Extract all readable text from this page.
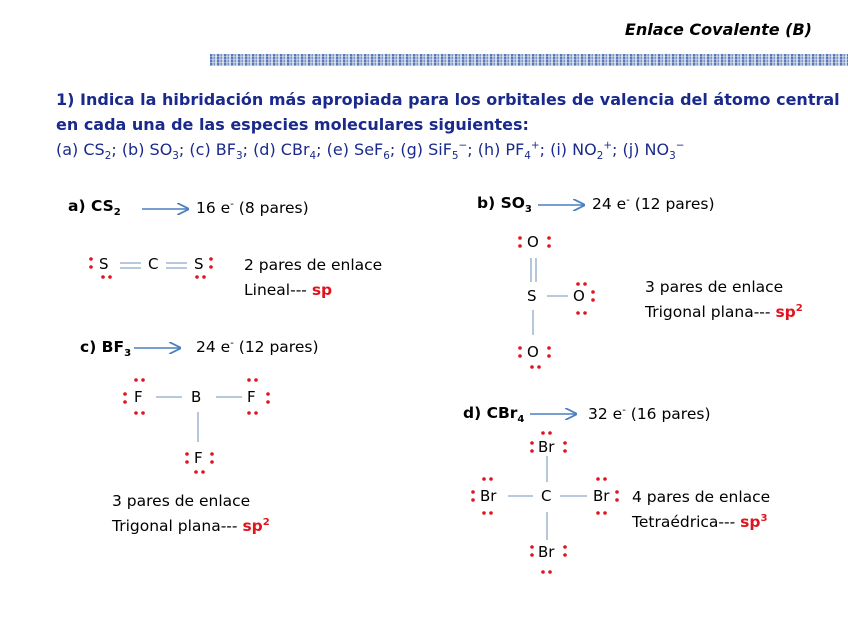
Enlace Covalente (B)
1) Indica la hibridación más apropiada para los orbitales de valencia del átomo central
en cada una de las especies moleculares siguientes:
(a) $CS_2$; (b) $SO_3$; (c) $BF_3$; (d) CBr$_4$; (e) SeF$_6$; (g) SiF$_5$−; (h) $PF_4^+$; (i) $NO_2^+$; (j) $NO_3^-$
a) $CS_2$	16 e- (8 pares)
S	C S	2 pares de enlace
Lineal--- sp
b) $SO_3$	24 e- (12 pares)
O
S O
O
3 pares de enlace
Trigonal plana--- $sp^2$
c) $BF_3$	24 e- (12 pares)
F	B	F
F
3 pares de enlace
Trigonal plana--- $sp^2$
d) CBr$_4$	32 e- (16 pares)
Br
Br	C	Br
Br
4 pares de enlace
Tetraédrica--- $sp^3$
